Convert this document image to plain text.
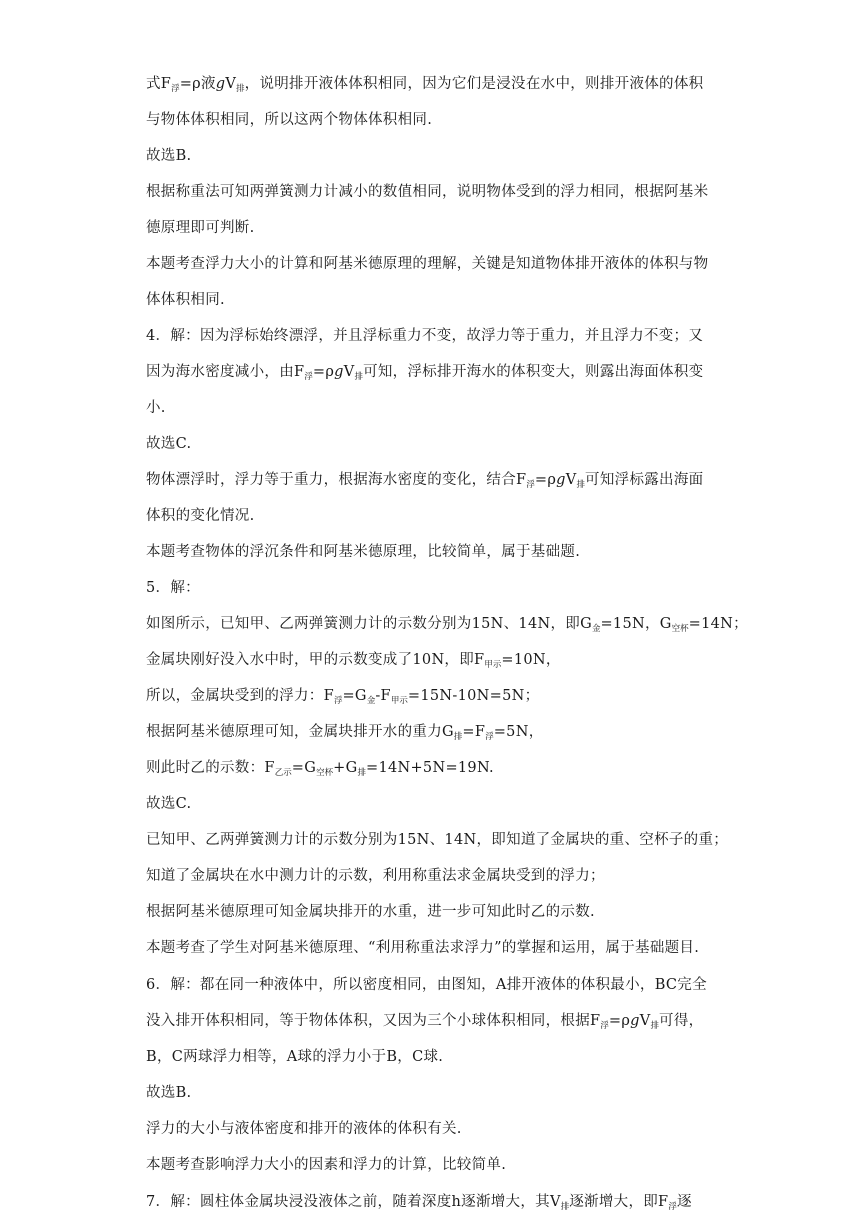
式$F_浮=\rho$液$gV_排$，说明排开液体体积相同，因为它们是浸没在水中，则排开液体的体积
与物体体积相同，所以这两个物体体积相同.
故选B.
根据称重法可知两弹簧测力计减小的数值相同，说明物体受到的浮力相同，根据阿基米
德原理即可判断.
本题考查浮力大小的计算和阿基米德原理的理解，关键是知道物体排开液体的体积与物
体体积相同.
4．解：因为浮标始终漂浮，并且浮标重力不变，故浮力等于重力，并且浮力不变；又
因为海水密度减小，由$F_浮=\rho gV_排$可知，浮标排开海水的体积变大，则露出海面体积变
小.
故选C.
物体漂浮时，浮力等于重力，根据海水密度的变化，结合$F_浮=\rho gV_排$可知浮标露出海面
体积的变化情况.
本题考查物体的浮沉条件和阿基米德原理，比较简单，属于基础题.
5．解：
如图所示，已知甲、乙两弹簧测力计的示数分别为15N、14N，即$G_金=15N$，$G_{空杯}=14N$；
金属块刚好没入水中时，甲的示数变成了10N，即$F_{甲示}=10N$，
所以，金属块受到的浮力：$F_浮=G_金-F_{甲示}=15N-10N=5N$；
根据阿基米德原理可知，金属块排开水的重力$G_排=F_浮=5N$，
则此时乙的示数：$F_{乙示}=G_{空杯}+G_排=14N+5N=19N$.
故选C.
已知甲、乙两弹簧测力计的示数分别为15N、14N，即知道了金属块的重、空杯子的重；
知道了金属块在水中测力计的示数，利用称重法求金属块受到的浮力；
根据阿基米德原理可知金属块排开的水重，进一步可知此时乙的示数.
本题考查了学生对阿基米德原理、“利用称重法求浮力”的掌握和运用，属于基础题目.
6．解：都在同一种液体中，所以密度相同，由图知，A排开液体的体积最小，BC完全
没入排开体积相同，等于物体体积，又因为三个小球体积相同，根据$F_浮=\rho gV_排$可得，
B，C两球浮力相等，A球的浮力小于B，C球.
故选B.
浮力的大小与液体密度和排开的液体的体积有关.
本题考查影响浮力大小的因素和浮力的计算，比较简单.
7．解：圆柱体金属块浸没液体之前，随着深度h逐渐增大，其$V_排$逐渐增大，即$F_浮$逐
